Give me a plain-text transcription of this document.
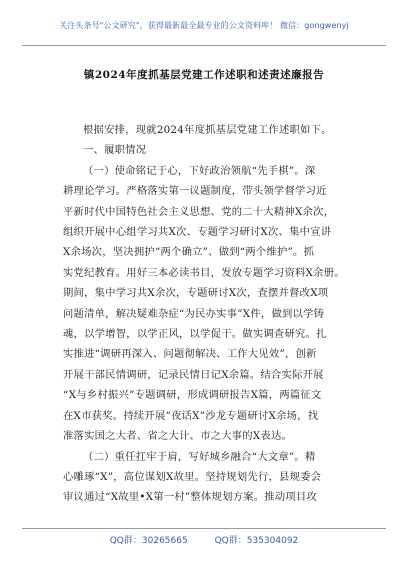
关注头条号"公文研究"，获得最新最全最专业的公文资料库！ 微信：gongwenyj
镇2024年度抓基层党建工作述职和述责述廉报告

根据安排，现就2024年度抓基层党建工作述职如下。

一、履职情况

（一）使命铭记于心，下好政治领航“先手棋”。深

耕理论学习。严格落实第一议题制度，带头领学督学习近

平新时代中国特色社会主义思想、党的二十大精神X余次，

组织开展中心组学习共X次、专题学习研讨X次、集中宣讲

X余场次，坚决拥护“两个确立”、做到“两个维护”。抓

实党纪教育。用好三本必读书目，发放专题学习资料X余册。

期间，集中学习共X余次，专题研讨X次，査摆并督改X项

问题清单，解决疑难杂症“为民办实事”X件，做到以学铸

魂，以学增智，以学正风，以学促干。做实调查研究。扎

实推进“调研再深入、问题彻解决、工作大见效”，创新

开展干部民情调研，记录民情日记X余篇。结合实际开展

“X与乡村振兴”专题调研，形成调研报告X篇，两篇征文

在X市获奖。持续开展“夜话X”沙龙专题研讨X余场，找

准落实国之大者、省之大计、市之大事的X表达。

（二）重任扛牢于肩，写好城乡融合“大文章”。精

心雕琢“X”，高位谋划X故里。坚持规划先行，县规委会

审议通过“X故里•X第一村”整体规划方案。推动项目攻

QQ群：30265665	QQ群：535304092
